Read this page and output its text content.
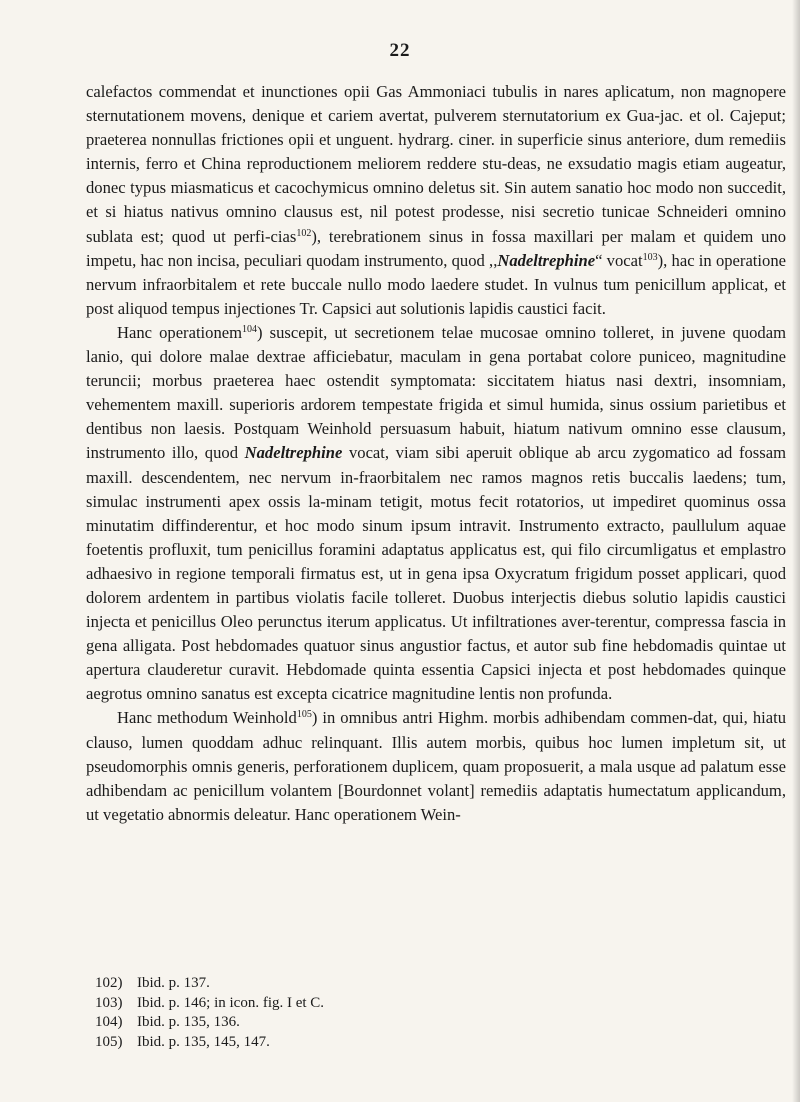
22

calefactos commendat et inunctiones opii Gas Ammoniaci tubulis in nares aplicatum, non magnopere sternutationem movens, denique et cariem avertat, pulverem sternutatorium ex Gua-jac. et ol. Cajeput; praeterea nonnullas frictiones opii et unguent. hydrarg. ciner. in superficie sinus anteriore, dum remediis internis, ferro et China reproductionem meliorem reddere stu-deas, ne exsudatio magis etiam augeatur, donec typus miasmaticus et cacochymicus omnino deletus sit. Sin autem sanatio hoc modo non succedit, et si hiatus nativus omnino clausus est, nil potest prodesse, nisi secretio tunicae Schneideri omnino sublata est; quod ut perfi-cias$^{102}$), terebrationem sinus in fossa maxillari per malam et quidem uno impetu, hac non incisa, peculiari quodam instrumento, quod ,,Nadeltrephine“ vocat$^{103}$), hac in operatione nervum infraorbitalem et rete buccale nullo modo laedere studet. In vulnus tum penicillum applicat, et post aliquod tempus injectiones Tr. Capsici aut solutionis lapidis caustici facit.

Hanc operationem$^{104}$) suscepit, ut secretionem telae mucosae omnino tolleret, in juvene quodam lanio, qui dolore malae dextrae afficiebatur, maculam in gena portabat colore puniceo, magnitudine teruncii; morbus praeterea haec ostendit symptomata: siccitatem hiatus nasi dextri, insomniam, vehementem maxill. superioris ardorem tempestate frigida et simul humida, sinus ossium parietibus et dentibus non laesis. Postquam Weinhold persuasum habuit, hiatum nativum omnino esse clausum, instrumento illo, quod Nadeltrephine vocat, viam sibi aperuit oblique ab arcu zygomatico ad fossam maxill. descendentem, nec nervum in-fraorbitalem nec ramos magnos retis buccalis laedens; tum, simulac instrumenti apex ossis la-minam tetigit, motus fecit rotatorios, ut impediret quominus ossa minutatim diffinderentur, et hoc modo sinum ipsum intravit. Instrumento extracto, paullulum aquae foetentis profluxit, tum penicillus foramini adaptatus applicatus est, qui filo circumligatus et emplastro adhaesivo in regione temporali firmatus est, ut in gena ipsa Oxycratum frigidum posset applicari, quod dolorem ardentem in partibus violatis facile tolleret. Duobus interjectis diebus solutio lapidis caustici injecta et penicillus Oleo perunctus iterum applicatus. Ut infiltrationes aver-terentur, compressa fascia in gena alligata. Post hebdomades quatuor sinus angustior factus, et autor sub fine hebdomadis quintae ut apertura clauderetur curavit. Hebdomade quinta essentia Capsici injecta et post hebdomades quinque aegrotus omnino sanatus est excepta cicatrice magnitudine lentis non profunda.

Hanc methodum Weinhold$^{105}$) in omnibus antri Highm. morbis adhibendam commen-dat, qui, hiatu clauso, lumen quoddam adhuc relinquant. Illis autem morbis, quibus hoc lumen impletum sit, ut pseudomorphis omnis generis, perforationem duplicem, quam proposuerit, a mala usque ad palatum esse adhibendam ac penicillum volantem [Bourdonnet volant] remediis adaptatis humectatum applicandum, ut vegetatio abnormis deleatur. Hanc operationem Wein-

102) Ibid. p. 137.
103) Ibid. p. 146; in icon. fig. I et C.
104) Ibid. p. 135, 136.
105) Ibid. p. 135, 145, 147.
